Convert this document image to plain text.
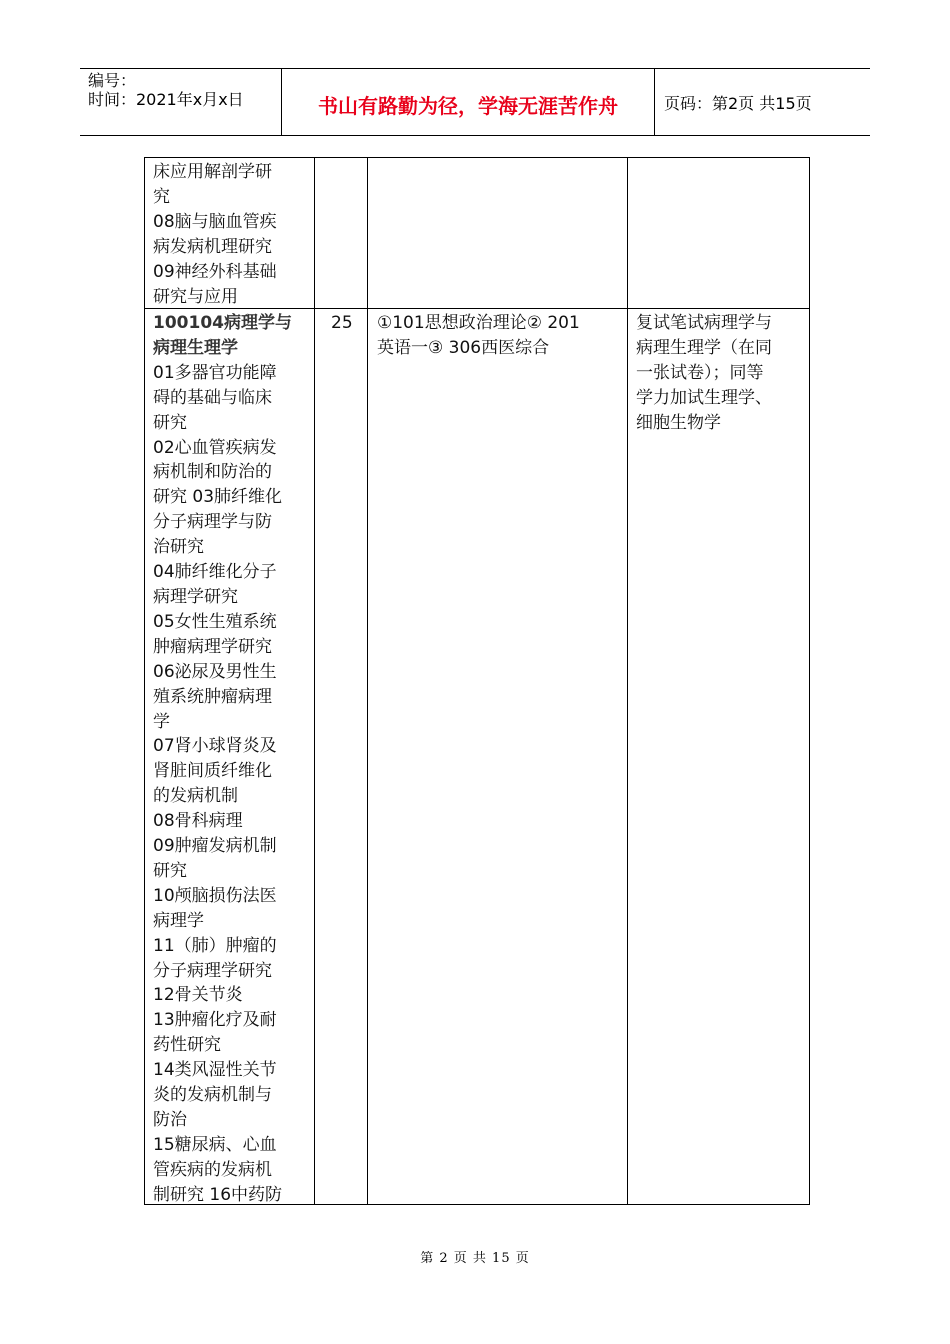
编号：
时间：2021年x月x日	书山有路勤为径，学海无涯苦作舟	页码：第2页 共15页
床应用解剖学研
究
08脑与脑血管疾
病发病机理研究
09神经外科基础
研究与应用
100104病理学与
病理生理学
01多器官功能障
碍的基础与临床
研究
02心血管疾病发
病机制和防治的
研究 03肺纤维化
分子病理学与防
治研究
04肺纤维化分子
病理学研究
05女性生殖系统
肿瘤病理学研究
06泌尿及男性生
殖系统肿瘤病理
学
07肾小球肾炎及
肾脏间质纤维化
的发病机制
08骨科病理
09肿瘤发病机制
研究
10颅脑损伤法医
病理学
11（肺）肿瘤的
分子病理学研究
12骨关节炎
13肿瘤化疗及耐
药性研究
14类风湿性关节
炎的发病机制与
防治
15糖尿病、心血
管疾病的发病机
制研究 16中药防
25 ①101思想政治理论② 201
英语一③ 306西医综合
复试笔试病理学与
病理生理学（在同
一张试卷）；同等
学力加试生理学、
细胞生物学
第 2 页 共 15 页
